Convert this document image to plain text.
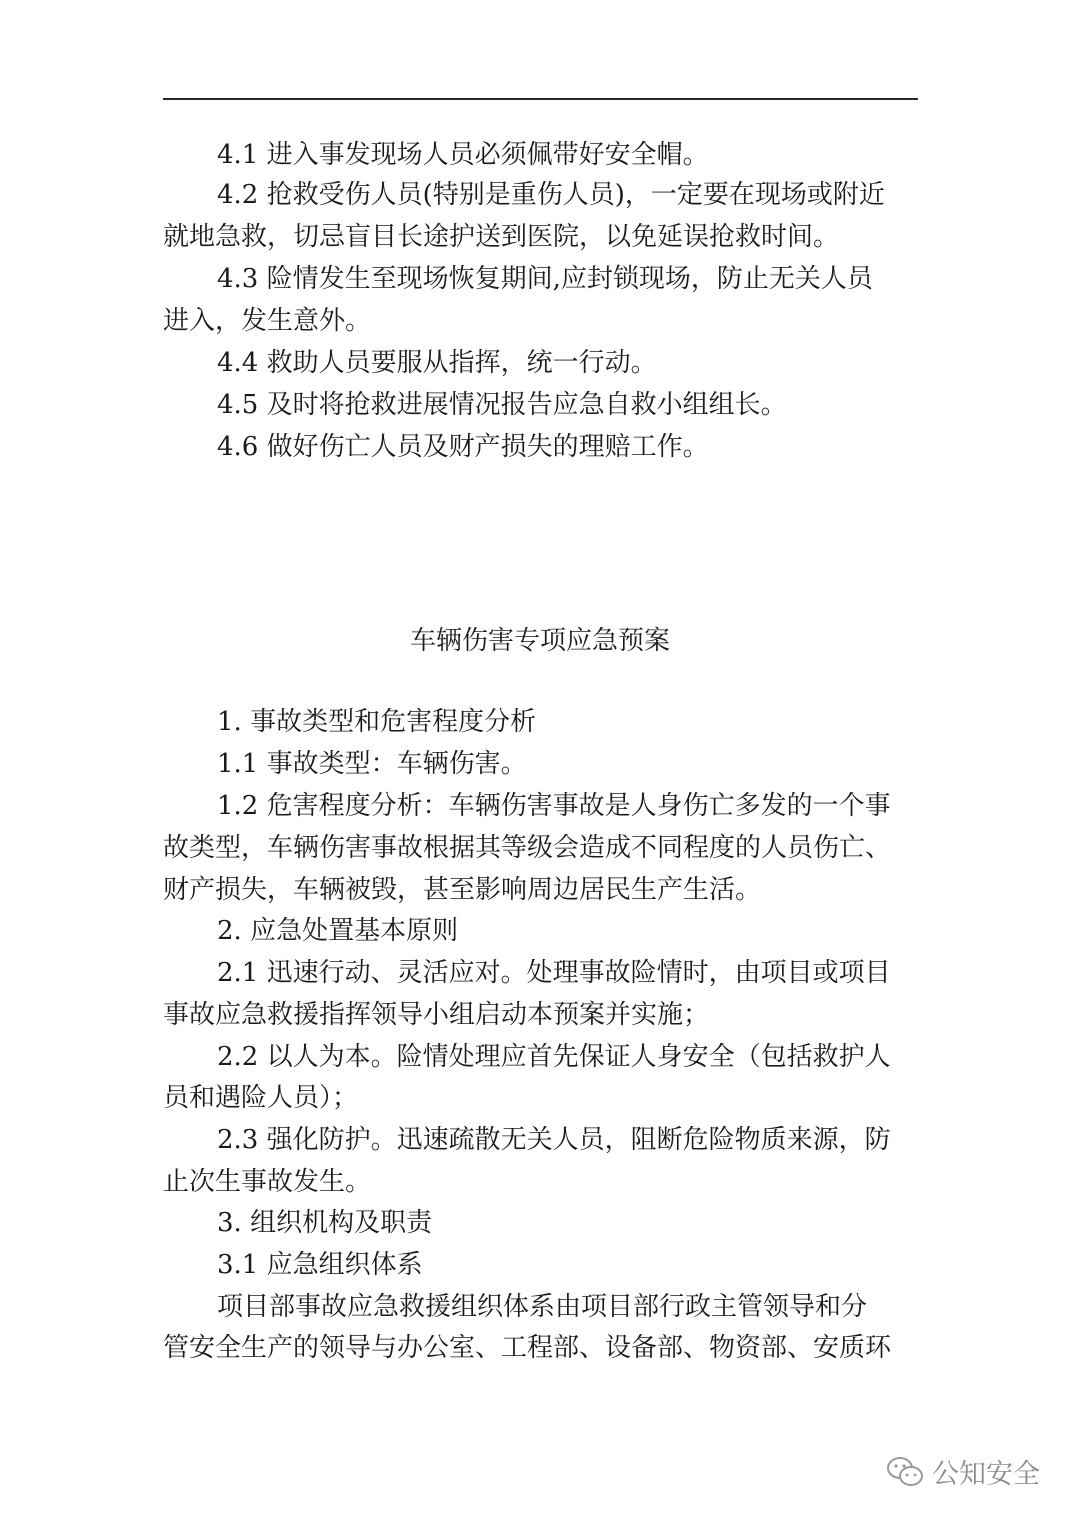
4.1 进入事发现场人员必须佩带好安全帽。
4.2 抢救受伤人员(特别是重伤人员)，一定要在现场或附近
就地急救，切忌盲目长途护送到医院，以免延误抢救时间。
4.3 险情发生至现场恢复期间,应封锁现场，防止无关人员
进入，发生意外。
4.4 救助人员要服从指挥，统一行动。
4.5 及时将抢救进展情况报告应急自救小组组长。
4.6 做好伤亡人员及财产损失的理赔工作。
车辆伤害专项应急预案
1. 事故类型和危害程度分析
1.1 事故类型：车辆伤害。
1.2 危害程度分析：车辆伤害事故是人身伤亡多发的一个事
故类型，车辆伤害事故根据其等级会造成不同程度的人员伤亡、
财产损失，车辆被毁，甚至影响周边居民生产生活。
2. 应急处置基本原则
2.1 迅速行动、灵活应对。处理事故险情时，由项目或项目
事故应急救援指挥领导小组启动本预案并实施；
2.2 以人为本。险情处理应首先保证人身安全（包括救护人
员和遇险人员）；
2.3 强化防护。迅速疏散无关人员，阻断危险物质来源，防
止次生事故发生。
3. 组织机构及职责
3.1 应急组织体系
项目部事故应急救援组织体系由项目部行政主管领导和分
管安全生产的领导与办公室、工程部、设备部、物资部、安质环
公知安全
